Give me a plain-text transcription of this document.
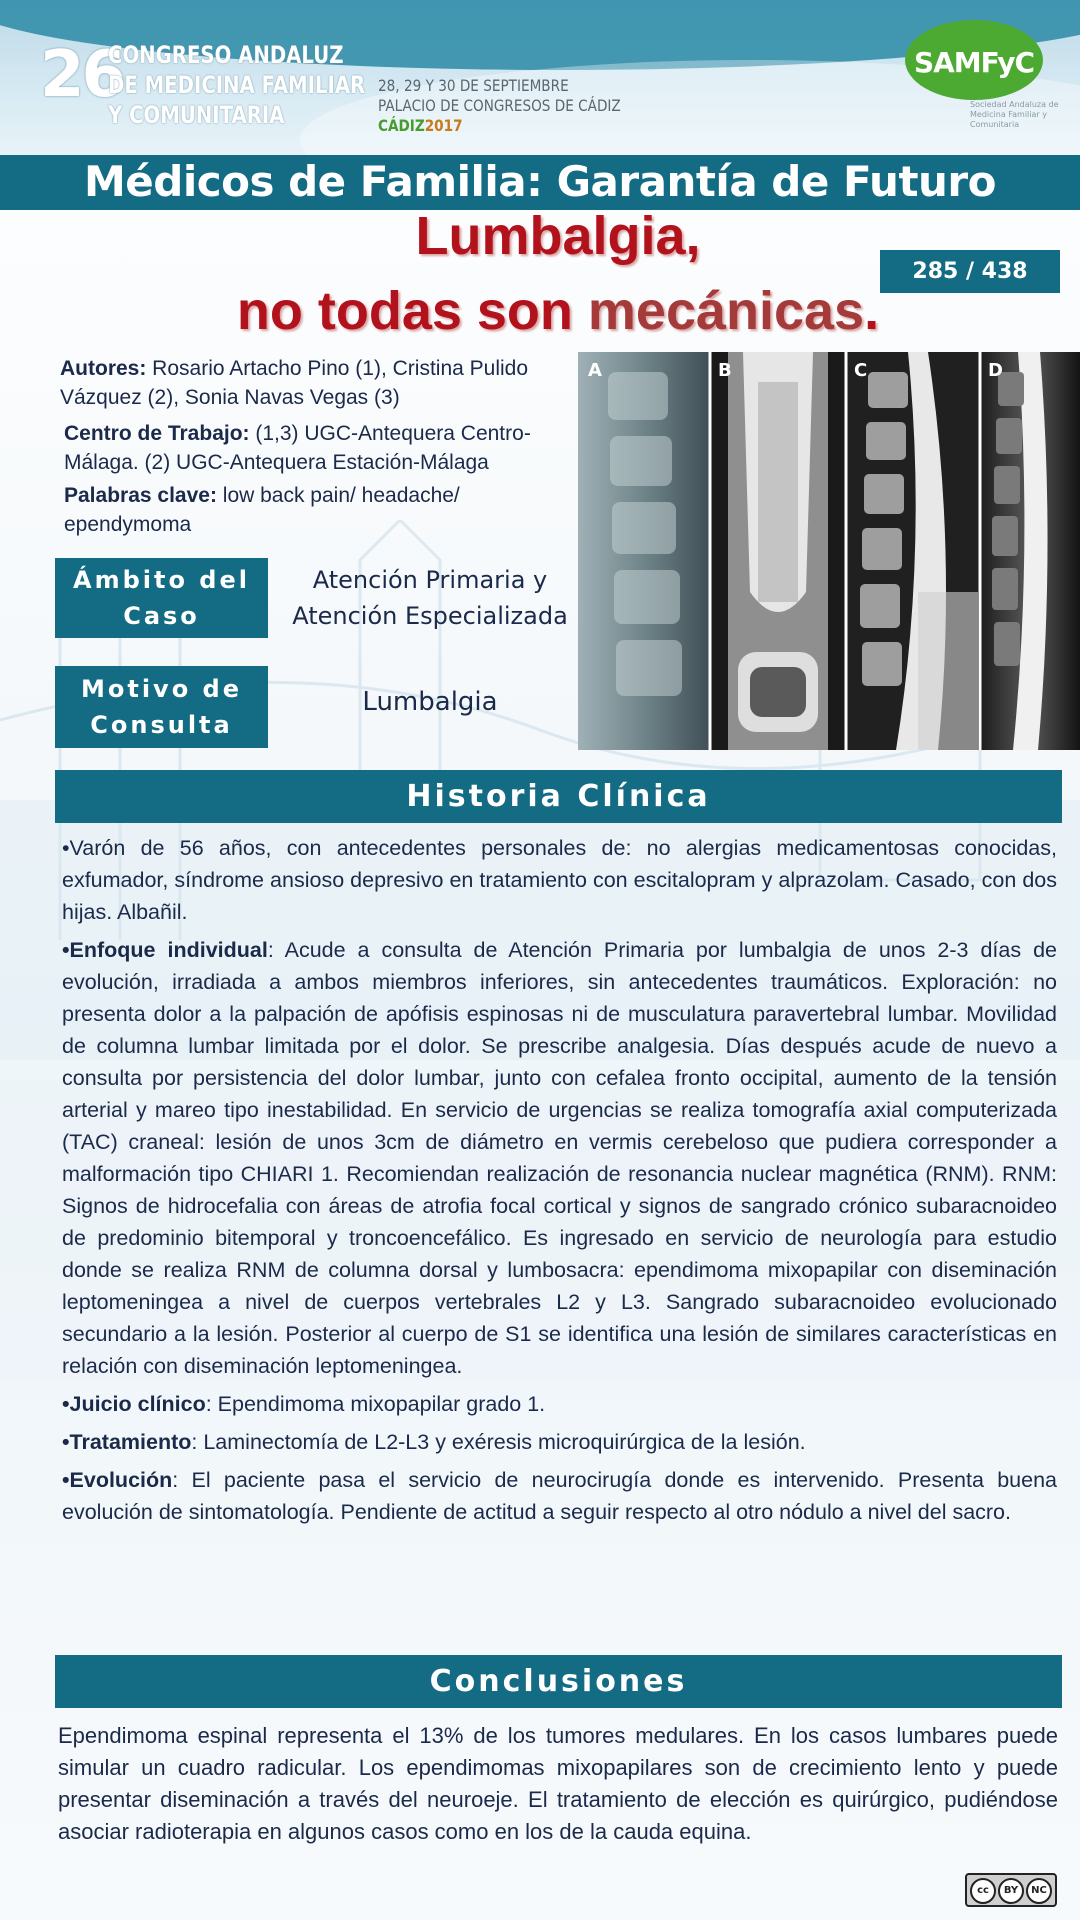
26
CONGRESO ANDALUZ
DE MEDICINA FAMILIAR
Y COMUNITARIA
28, 29 Y 30 DE SEPTIEMBRE
PALACIO DE CONGRESOS DE CÁDIZ
CÁDIZ2017
SAMFyC
Sociedad Andaluza de Medicina Familiar y Comunitaria
Médicos de Familia: Garantía de Futuro
Lumbalgia,
no todas son mecánicas.
285 / 438
Autores: Rosario Artacho Pino (1), Cristina Pulido Vázquez (2), Sonia Navas Vegas (3)
Centro de Trabajo: (1,3) UGC-Antequera Centro-Málaga. (2) UGC-Antequera Estación-Málaga
Palabras clave: low back pain/ headache/ ependymoma
Ámbito del
Caso
Atención Primaria y
Atención Especializada
Motivo de
Consulta
Lumbalgia
A	B	C	D
Historia Clínica

•Varón de 56 años, con antecedentes personales de: no alergias medicamentosas conocidas, exfumador, síndrome ansioso depresivo en tratamiento con escitalopram y alprazolam. Casado, con dos hijas. Albañil.

•Enfoque individual: Acude a consulta de Atención Primaria por lumbalgia de unos 2-3 días de evolución, irradiada a ambos miembros inferiores, sin antecedentes traumáticos. Exploración: no presenta dolor a la palpación de apófisis espinosas ni de musculatura paravertebral lumbar. Movilidad de columna lumbar limitada por el dolor. Se prescribe analgesia. Días después acude de nuevo a consulta por persistencia del dolor lumbar, junto con cefalea fronto occipital, aumento de la tensión arterial y mareo tipo inestabilidad. En servicio de urgencias se realiza tomografía axial computerizada (TAC) craneal: lesión de unos 3cm de diámetro en vermis cerebeloso que pudiera corresponder a malformación tipo CHIARI 1. Recomiendan realización de resonancia nuclear magnética (RNM). RNM: Signos de hidrocefalia con áreas de atrofia focal cortical y signos de sangrado crónico subaracnoideo de predominio bitemporal y troncoencefálico. Es ingresado en servicio de neurología para estudio donde se realiza RNM de columna dorsal y lumbosacra: ependimoma mixopapilar con diseminación leptomeningea a nivel de cuerpos vertebrales L2 y L3. Sangrado subaracnoideo evolucionado secundario a la lesión. Posterior al cuerpo de S1 se identifica una lesión de similares características en relación con diseminación leptomeningea.

•Juicio clínico: Ependimoma mixopapilar grado 1.

•Tratamiento: Laminectomía de L2-L3 y exéresis microquirúrgica de la lesión.

•Evolución: El paciente pasa el servicio de neurocirugía donde es intervenido. Presenta buena evolución de sintomatología. Pendiente de actitud a seguir respecto al otro nódulo a nivel del sacro.

Conclusiones

Ependimoma espinal representa el 13% de los tumores medulares. En los casos lumbares puede simular un cuadro radicular. Los ependimomas mixopapilares son de crecimiento lento y puede presentar diseminación a través del neuroeje. El tratamiento de elección es quirúrgico, pudiéndose asociar radioterapia en algunos casos como en los de la cauda equina.

cc	BY	NC
